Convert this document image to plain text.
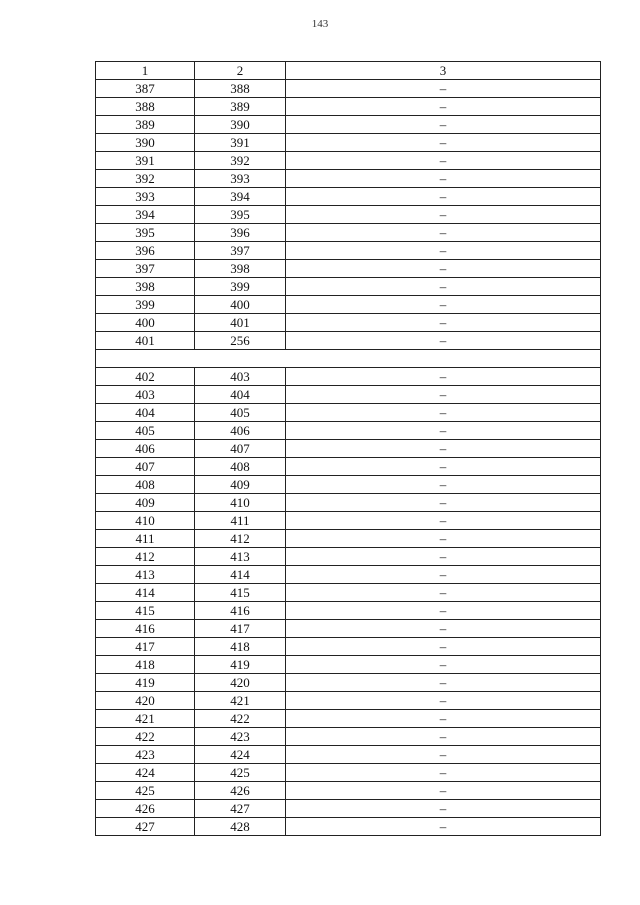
143
1	2	3
387	388	–
388	389	–
389	390	–
390	391	–
391	392	–
392	393	–
393	394	–
394	395	–
395	396	–
396	397	–
397	398	–
398	399	–
399	400	–
400	401	–
401	256	–

402	403	–
403	404	–
404	405	–
405	406	–
406	407	–
407	408	–
408	409	–
409	410	–
410	411	–
411	412	–
412	413	–
413	414	–
414	415	–
415	416	–
416	417	–
417	418	–
418	419	–
419	420	–
420	421	–
421	422	–
422	423	–
423	424	–
424	425	–
425	426	–
426	427	–
427	428	–
